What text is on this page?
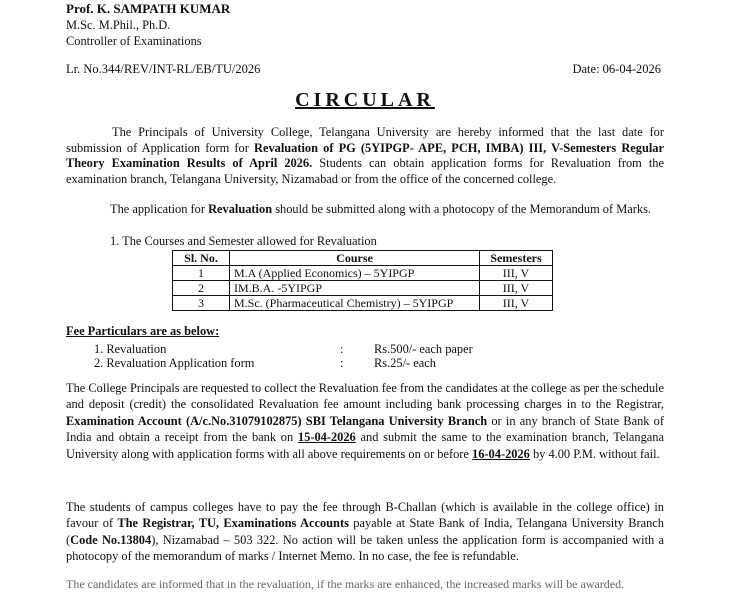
Prof. K. SAMPATH KUMAR
M.Sc. M.Phil., Ph.D.
Controller of Examinations
Lr. No.344/REV/INT-RL/EB/TU/2026	Date: 06-04-2026
CIRCULAR
The Principals of University College, Telangana University are hereby informed that the last date for submission of Application form for Revaluation of PG (5YIPGP- APE, PCH, IMBA) III, V-Semesters Regular Theory Examination Results of April 2026. Students can obtain application forms for Revaluation from the examination branch, Telangana University, Nizamabad or from the office of the concerned college.
The application for Revaluation should be submitted along with a photocopy of the Memorandum of Marks.
1. The Courses and Semester allowed for Revaluation
Sl. No.	Course	Semesters
1	M.A (Applied Economics) – 5YIPGP	III, V
2	IM.B.A. -5YIPGP	III, V
3	M.Sc. (Pharmaceutical Chemistry) – 5YIPGP	III, V
Fee Particulars are as below:
1. Revaluation	: Rs.500/- each paper
2. Revaluation Application form	: Rs.25/- each
The College Principals are requested to collect the Revaluation fee from the candidates at the college as per the schedule and deposit (credit) the consolidated Revaluation fee amount including bank processing charges in to the Registrar, Examination Account (A/c.No.31079102875) SBI Telangana University Branch or in any branch of State Bank of India and obtain a receipt from the bank on 15-04-2026 and submit the same to the examination branch, Telangana University along with application forms with all above requirements on or before 16-04-2026 by 4.00 P.M. without fail.
The students of campus colleges have to pay the fee through B-Challan (which is available in the college office) in favour of The Registrar, TU, Examinations Accounts payable at State Bank of India, Telangana University Branch (Code No.13804), Nizamabad – 503 322. No action will be taken unless the application form is accompanied with a photocopy of the memorandum of marks / Internet Memo. In no case, the fee is refundable.
The candidates are informed that in the revaluation, if the marks are enhanced, the increased marks will be awarded.
